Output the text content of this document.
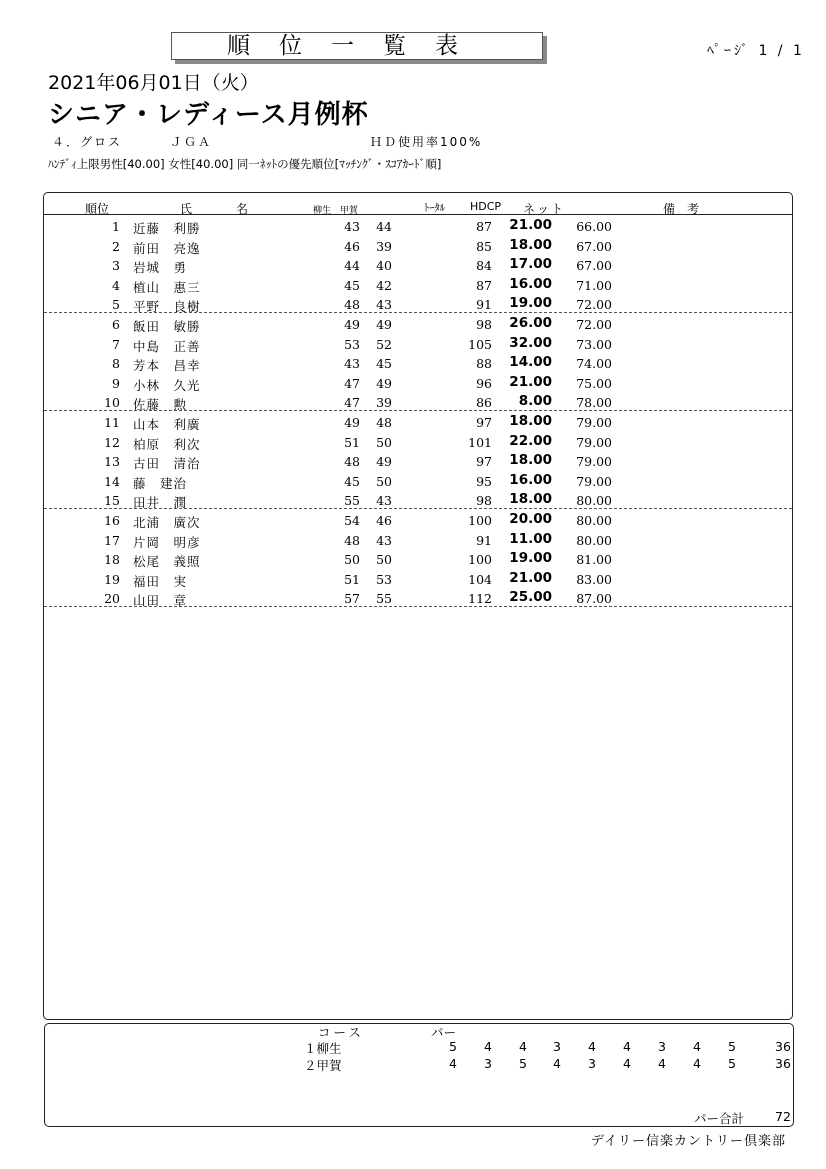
順位一覧表	ﾍﾟｰｼﾞ 1 / 1
2021年06月01日（火）
シニア・レディース月例杯
４．グロス	ＪＧＡ	ＨＤ使用率100%
ﾊﾝﾃﾞｨ上限男性[40.00] 女性[40.00] 同一ﾈｯﾄの優先順位[ﾏｯﾁﾝｸﾞ・ｽｺｱｶｰﾄﾞ順]
順位	氏	名	柳生 甲賀	ﾄｰﾀﾙ HDCP ネット	備　考
1 近藤　利勝	43 44	87 21.00 66.00
2 前田　亮逸	46 39	85 18.00 67.00
3 岩城　勇	44 40	84 17.00 67.00
4 植山　惠三	45 42	87 16.00 71.00
5 平野　良樹	48 43	91 19.00 72.00
6 飯田　敏勝	49 49	98 26.00 72.00
7 中島　正善	53 52	105 32.00 73.00
8 芳本　昌幸	43 45	88 14.00 74.00
9 小林　久光	47 49	96 21.00 75.00
10 佐藤　勲	47 39	86 8.00 78.00
11 山本　利廣	49 48	97 18.00 79.00
12 柏原　利次	51 50	101 22.00 79.00
13 古田　清治	48 49	97 18.00 79.00
14 藤　建治	45 50	95 16.00 79.00
15 田井　潤	55 43	98 18.00 80.00
16 北浦　廣次	54 46	100 20.00 80.00
17 片岡　明彦	48 43	91 11.00 80.00
18 松尾　義照	50 50	100 19.00 81.00
19 福田　実	51 53	104 21.00 83.00
20 山田　章	57 55	112 25.00 87.00
コース	パー
１柳生	5 4 4 3 4 4 3 4 5	36
２甲賀	4 3 5 4 3 4 4 4 5	36
パー合計 72
デイリー信楽カントリー倶楽部
